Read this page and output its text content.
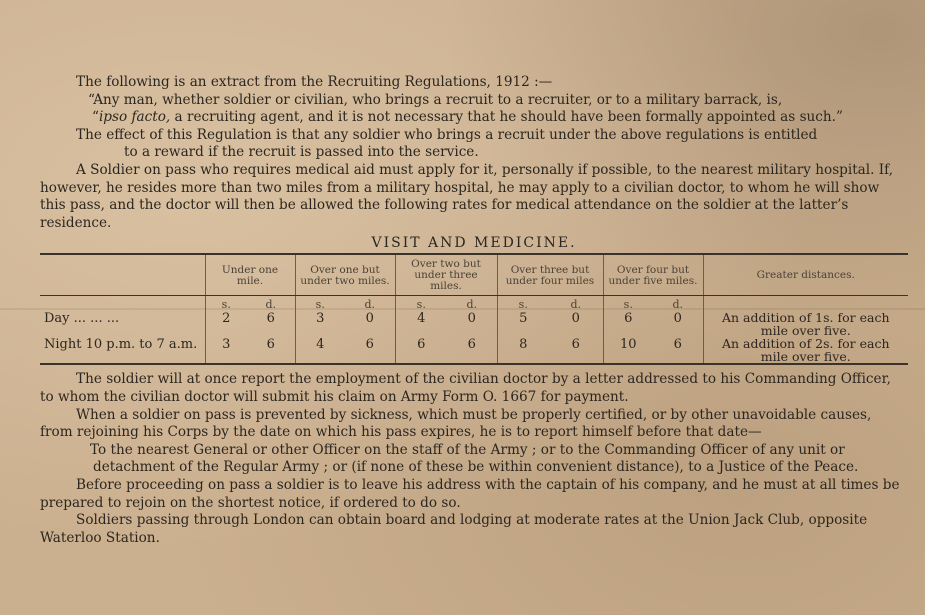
The following is an extract from the Recruiting Regulations, 1912 :—

“Any man, whether soldier or civilian, who brings a recruit to a recruiter, or to a military barrack, is,

“ipso facto, a recruiting agent, and it is not necessary that he should have been formally appointed as such.”

The effect of this Regulation is that any soldier who brings a recruit under the above regulations is entitled
to a reward if the recruit is passed into the service.

A Soldier on pass who requires medical aid must apply for it, personally if possible, to the nearest military hospital. If, however, he resides more than two miles from a military hospital, he may apply to a civilian doctor, to whom he will show this pass, and the doctor will then be allowed the following rates for medical attendance on the soldier at the latter’s residence.

VISIT AND MEDICINE.
	Under one mile.		Over one but under two miles.		Over two but under three miles.		Over three but under four miles		Over four but under five miles.		Greater distances.
	s.	d.	s.	d.	s.	d.	s.	d.	s.	d.	
Day ... ... ...	2	6	3	0	4	0	5	0	6	0	An addition of 1s. for each mile over five.
Night 10 p.m. to 7 a.m.	3	6	4	6	6	6	8	6	10	6	An addition of 2s. for each mile over five.

The soldier will at once report the employment of the civilian doctor by a letter addressed to his Commanding Officer, to whom the civilian doctor will submit his claim on Army Form O. 1667 for payment.

When a soldier on pass is prevented by sickness, which must be properly certified, or by other unavoidable causes, from rejoining his Corps by the date on which his pass expires, he is to report himself before that date—

To the nearest General or other Officer on the staff of the Army ; or to the Commanding Officer of any unit or detachment of the Regular Army ; or (if none of these be within convenient distance), to a Justice of the Peace.

Before proceeding on pass a soldier is to leave his address with the captain of his company, and he must at all times be prepared to rejoin on the shortest notice, if ordered to do so.

Soldiers passing through London can obtain board and lodging at moderate rates at the Union Jack Club, opposite Waterloo Station.
